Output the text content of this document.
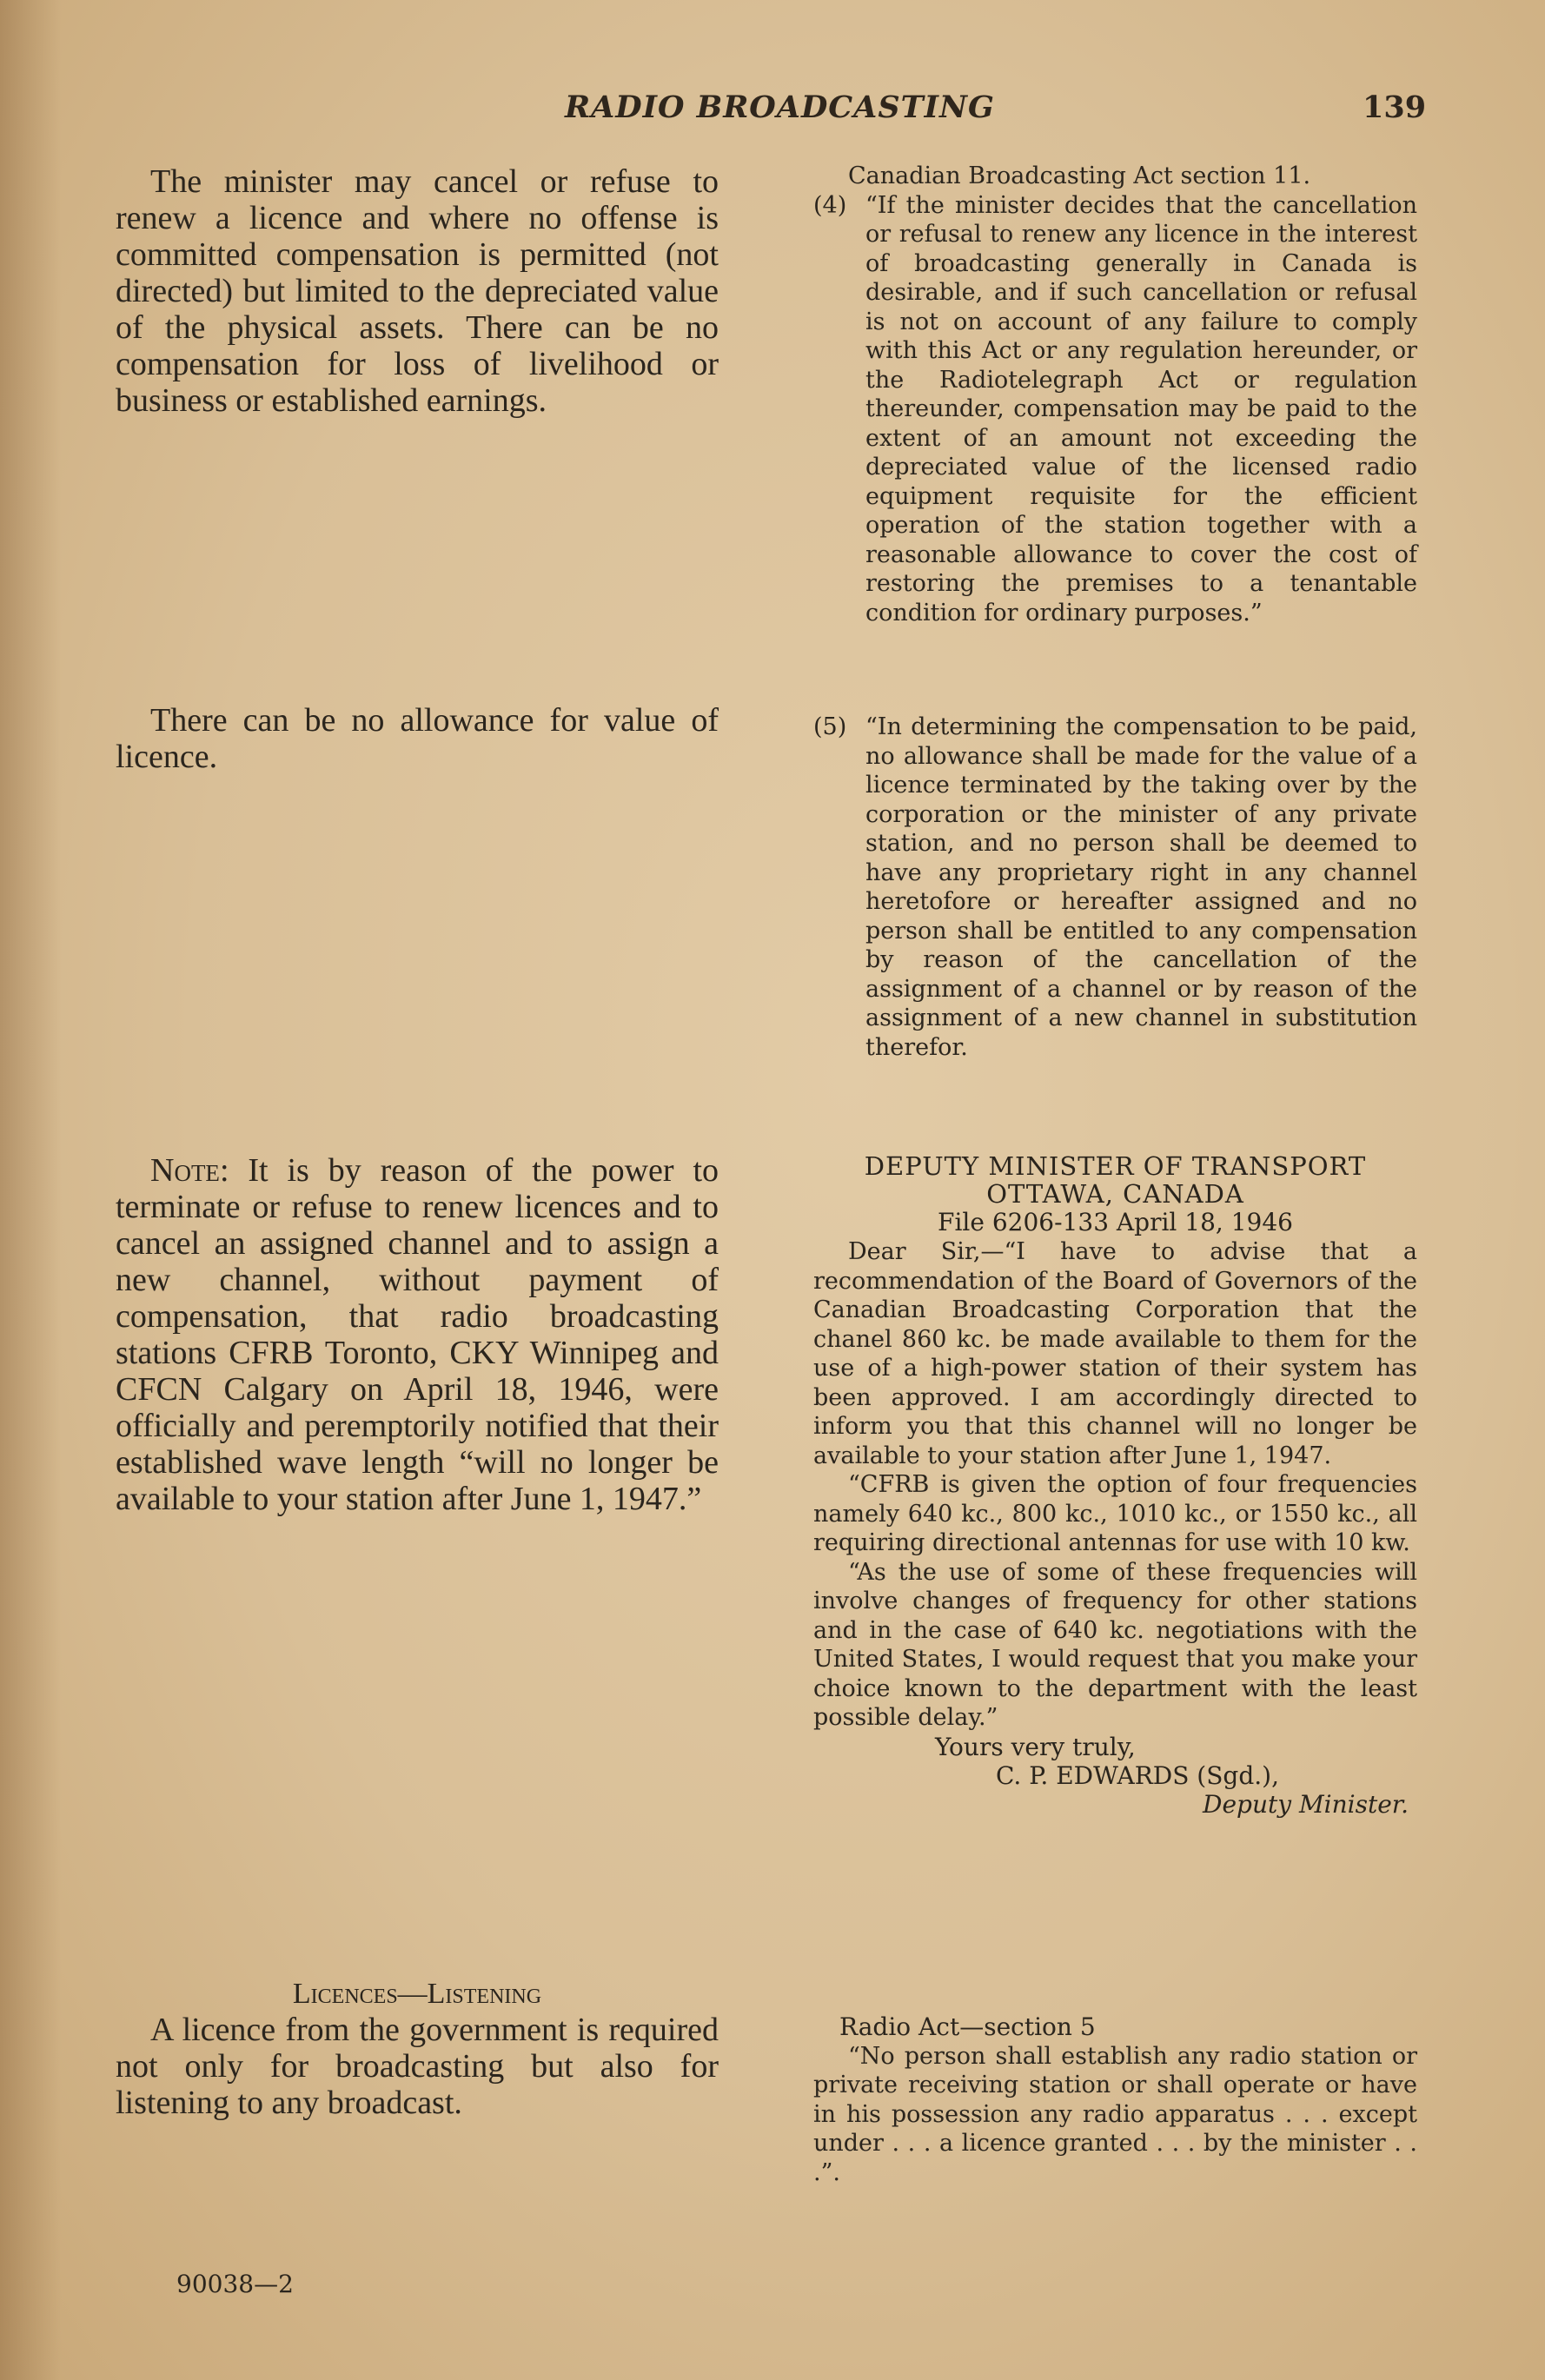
RADIO BROADCASTING	139

The minister may cancel or refuse to renew a licence and where no offense is committed compensation is permitted (not directed) but limited to the depreciated value of the physical assets. There can be no compensation for loss of livelihood or business or established earnings.

There can be no allowance for value of licence.

Note: It is by reason of the power to terminate or refuse to renew licences and to cancel an assigned channel and to assign a new channel, without payment of compensation, that radio broadcasting stations CFRB Toronto, CKY Winnipeg and CFCN Calgary on April 18, 1946, were officially and peremptorily notified that their established wave length “will no longer be available to your station after June 1, 1947.”

Licences—Listening

A licence from the government is required not only for broadcasting but also for listening to any broadcast.

Canadian Broadcasting Act section 11.

(4) “If the minister decides that the cancellation or refusal to renew any licence in the interest of broadcasting generally in Canada is desirable, and if such cancellation or refusal is not on account of any failure to comply with this Act or any regulation hereunder, or the Radiotelegraph Act or regulation thereunder, compensation may be paid to the extent of an amount not exceeding the depreciated value of the licensed radio equipment requisite for the efficient operation of the station together with a reasonable allowance to cover the cost of restoring the premises to a tenantable condition for ordinary purposes.”

(5) “In determining the compensation to be paid, no allowance shall be made for the value of a licence terminated by the taking over by the corporation or the minister of any private station, and no person shall be deemed to have any proprietary right in any channel heretofore or hereafter assigned and no person shall be entitled to any compensation by reason of the cancellation of the assignment of a channel or by reason of the assignment of a new channel in substitution therefor.

DEPUTY MINISTER OF TRANSPORT

OTTAWA, CANADA

File 6206-133 April 18, 1946

Dear Sir,—“I have to advise that a recommendation of the Board of Governors of the Canadian Broadcasting Corporation that the chanel 860 kc. be made available to them for the use of a high-power station of their system has been approved. I am accordingly directed to inform you that this channel will no longer be available to your station after June 1, 1947.

“CFRB is given the option of four frequencies namely 640 kc., 800 kc., 1010 kc., or 1550 kc., all requiring directional antennas for use with 10 kw.

“As the use of some of these frequencies will involve changes of frequency for other stations and in the case of 640 kc. negotiations with the United States, I would request that you make your choice known to the department with the least possible delay.”

Yours very truly,

C. P. EDWARDS (Sgd.),

Deputy Minister.

Radio Act—section 5

“No person shall establish any radio station or private receiving station or shall operate or have in his possession any radio apparatus . . . except under . . . a licence granted . . . by the minister . . .”.

90038—2
